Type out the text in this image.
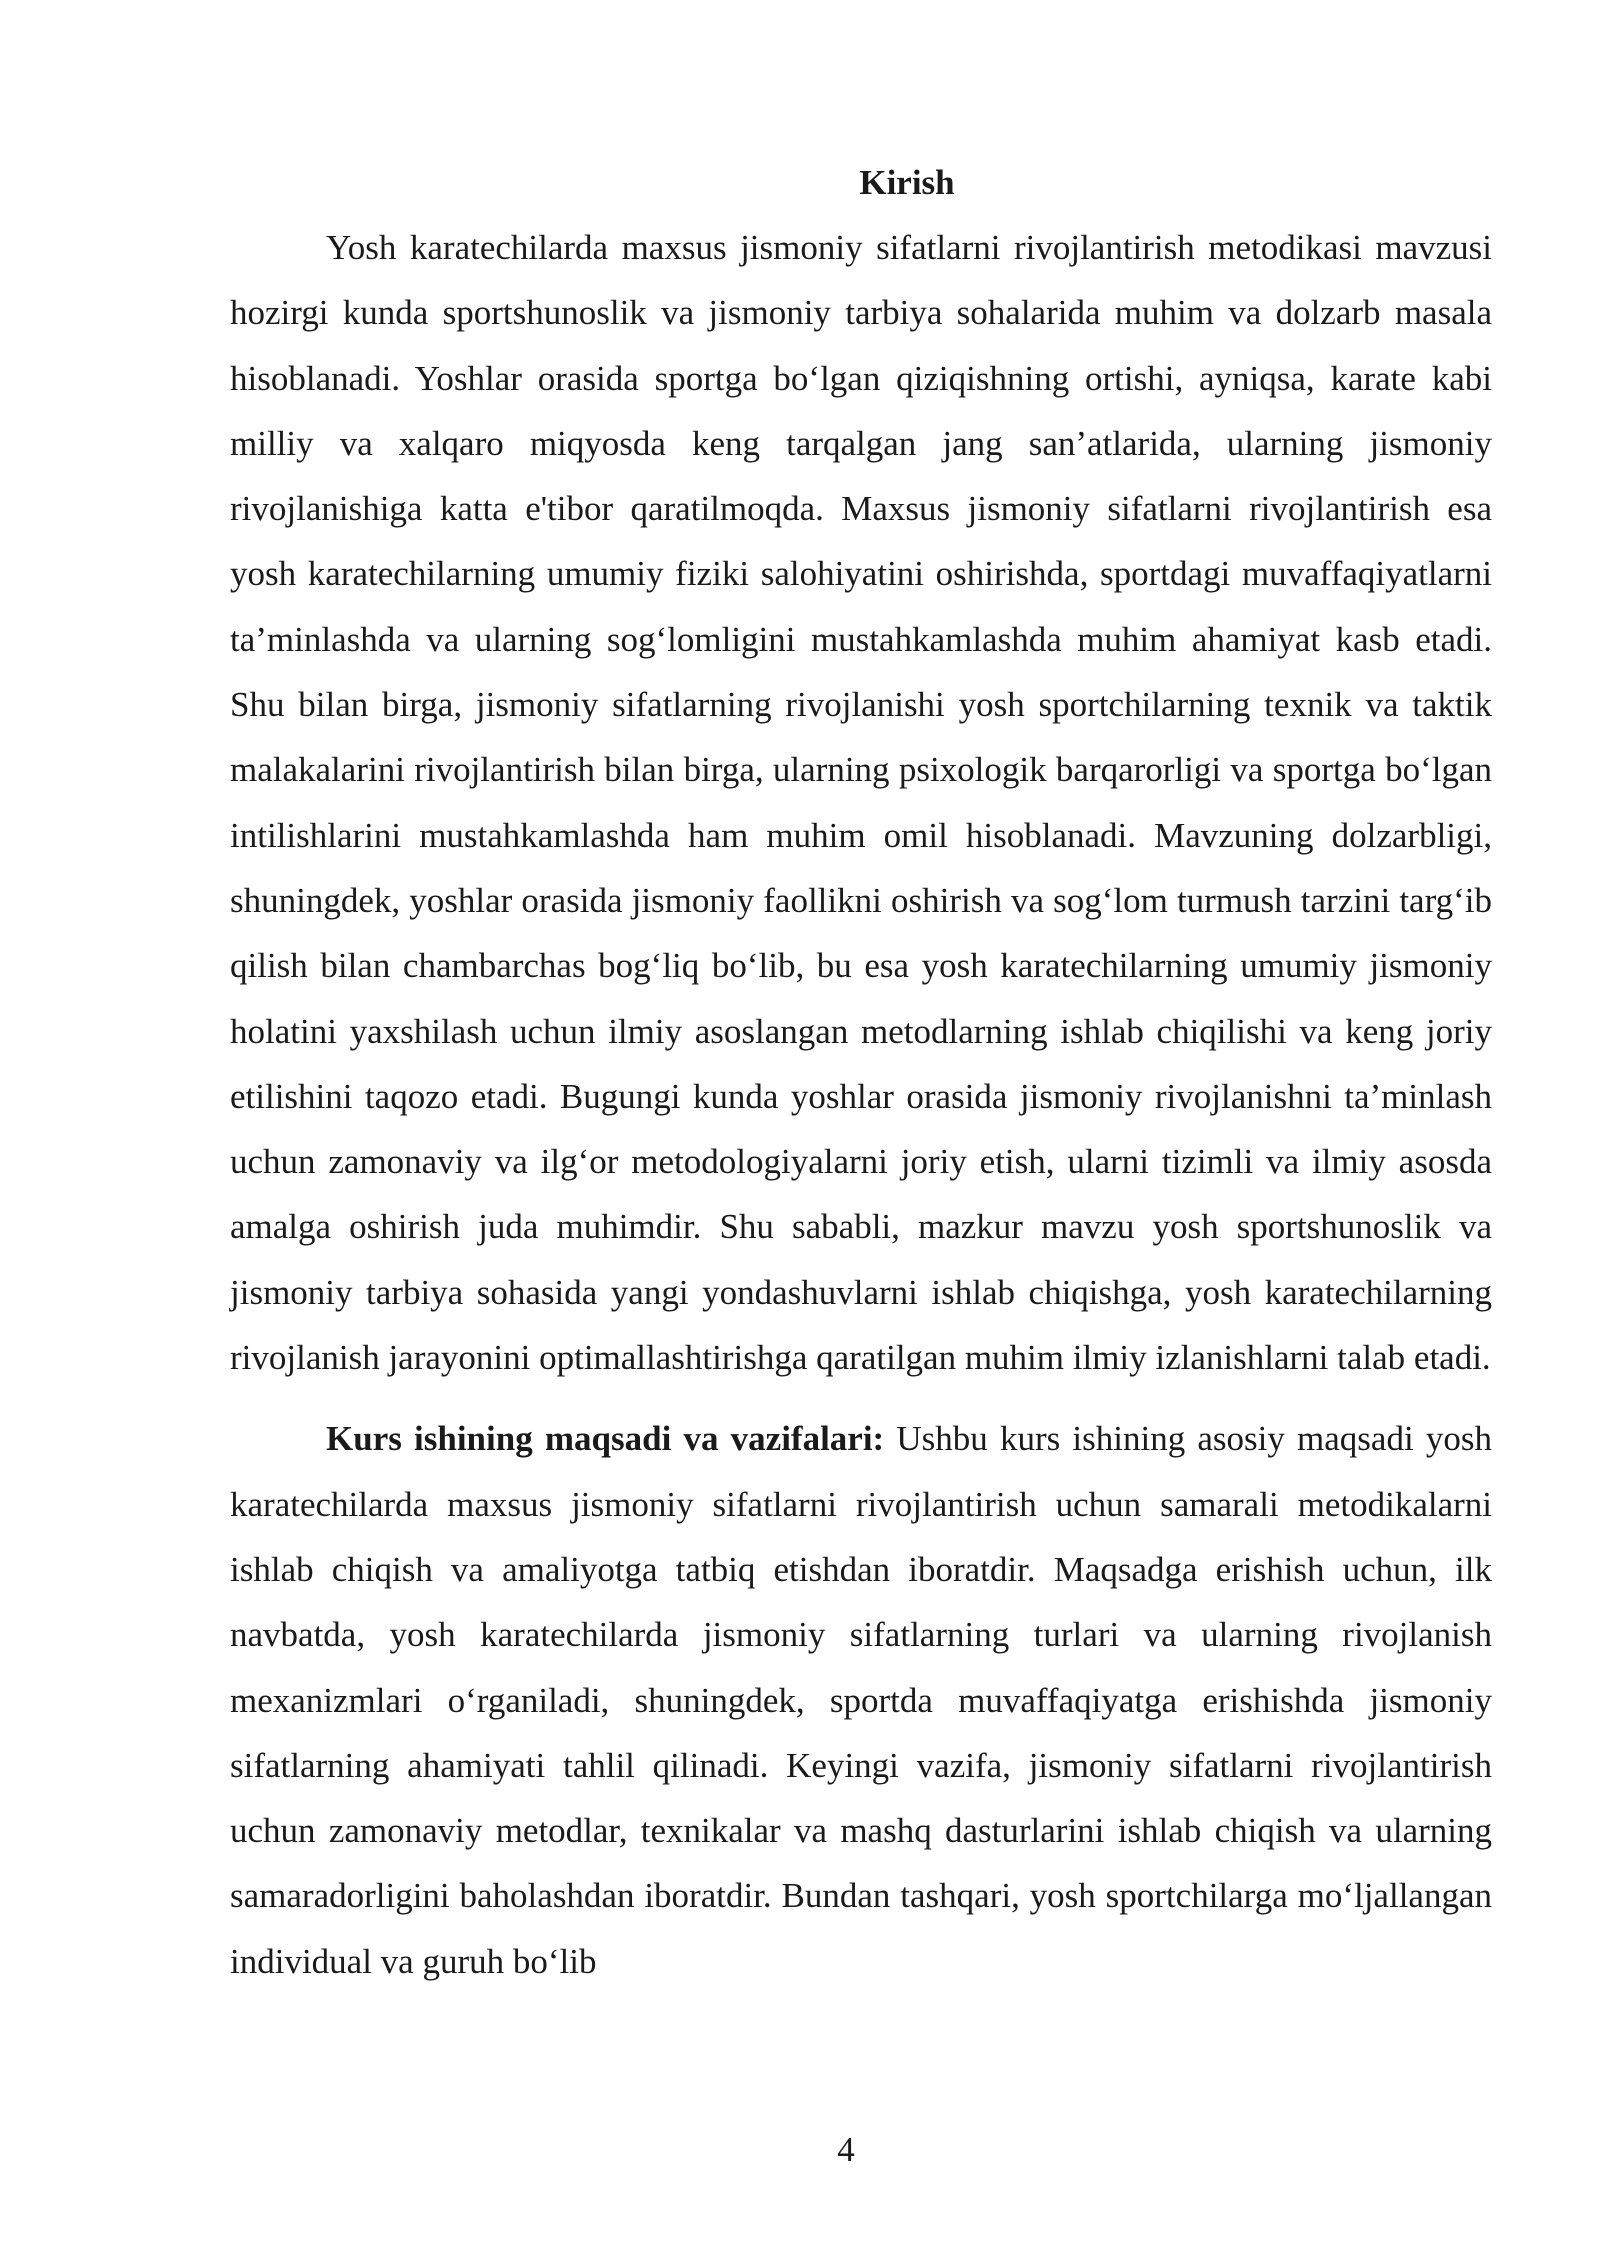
Kirish

Yosh karatechilarda maxsus jismoniy sifatlarni rivojlantirish metodikasi mavzusi hozirgi kunda sportshunoslik va jismoniy tarbiya sohalarida muhim va dolzarb masala hisoblanadi. Yoshlar orasida sportga bo‘lgan qiziqishning ortishi, ayniqsa, karate kabi milliy va xalqaro miqyosda keng tarqalgan jang san’atlarida, ularning jismoniy rivojlanishiga katta e'tibor qaratilmoqda. Maxsus jismoniy sifatlarni rivojlantirish esa yosh karatechilarning umumiy fiziki salohiyatini oshirishda, sportdagi muvaffaqiyatlarni ta’minlashda va ularning sog‘lomligini mustahkamlashda muhim ahamiyat kasb etadi. Shu bilan birga, jismoniy sifatlarning rivojlanishi yosh sportchilarning texnik va taktik malakalarini rivojlantirish bilan birga, ularning psixologik barqarorligi va sportga bo‘lgan intilishlarini mustahkamlashda ham muhim omil hisoblanadi. Mavzuning dolzarbligi, shuningdek, yoshlar orasida jismoniy faollikni oshirish va sog‘lom turmush tarzini targ‘ib qilish bilan chambarchas bog‘liq bo‘lib, bu esa yosh karatechilarning umumiy jismoniy holatini yaxshilash uchun ilmiy asoslangan metodlarning ishlab chiqilishi va keng joriy etilishini taqozo etadi. Bugungi kunda yoshlar orasida jismoniy rivojlanishni ta’minlash uchun zamonaviy va ilg‘or metodologiyalarni joriy etish, ularni tizimli va ilmiy asosda amalga oshirish juda muhimdir. Shu sababli, mazkur mavzu yosh sportshunoslik va jismoniy tarbiya sohasida yangi yondashuvlarni ishlab chiqishga, yosh karatechilarning rivojlanish jarayonini optimallashtirishga qaratilgan muhim ilmiy izlanishlarni talab etadi.

Kurs ishining maqsadi va vazifalari: Ushbu kurs ishining asosiy maqsadi yosh karatechilarda maxsus jismoniy sifatlarni rivojlantirish uchun samarali metodikalarni ishlab chiqish va amaliyotga tatbiq etishdan iboratdir. Maqsadga erishish uchun, ilk navbatda, yosh karatechilarda jismoniy sifatlarning turlari va ularning rivojlanish mexanizmlari o‘rganiladi, shuningdek, sportda muvaffaqiyatga erishishda jismoniy sifatlarning ahamiyati tahlil qilinadi. Keyingi vazifa, jismoniy sifatlarni rivojlantirish uchun zamonaviy metodlar, texnikalar va mashq dasturlarini ishlab chiqish va ularning samaradorligini baholashdan iboratdir. Bundan tashqari, yosh sportchilarga mo‘ljallangan individual va guruh bo‘lib

4
